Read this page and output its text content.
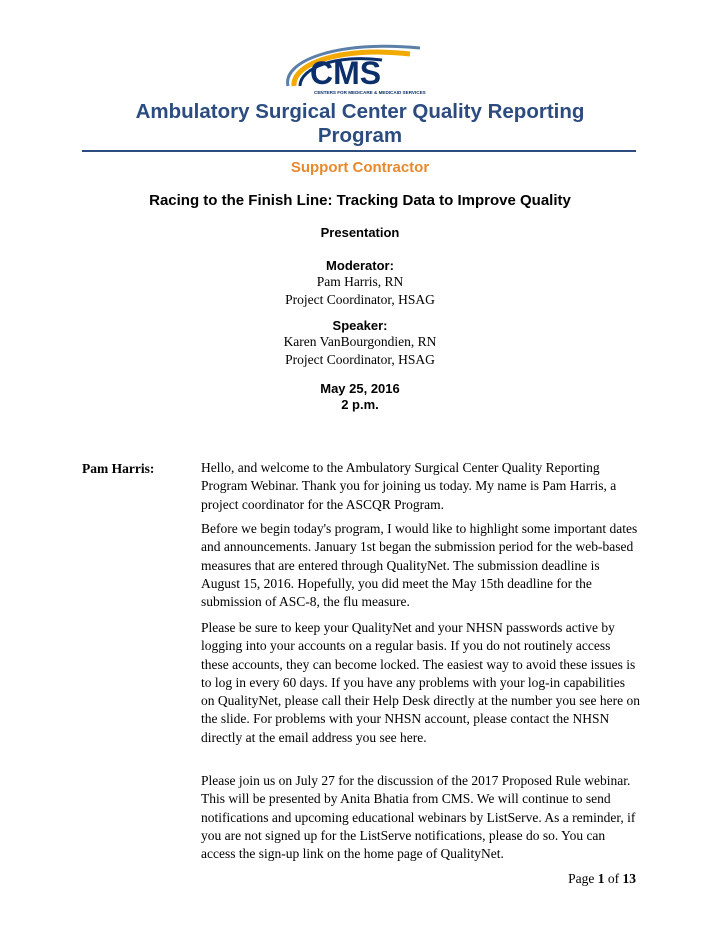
CMS
CENTERS FOR MEDICARE & MEDICAID SERVICES
Ambulatory Surgical Center Quality Reporting
Program
Support Contractor
Racing to the Finish Line: Tracking Data to Improve Quality
Presentation
Moderator:
Pam Harris, RN
Project Coordinator, HSAG
Speaker:
Karen VanBourgondien, RN
Project Coordinator, HSAG
May 25, 2016
2 p.m.
Pam Harris:	Hello, and welcome to the Ambulatory Surgical Center Quality Reporting Program Webinar. Thank you for joining us today. My name is Pam Harris, a project coordinator for the ASCQR Program.

Before we begin today's program, I would like to highlight some important dates and announcements. January 1st began the submission period for the web-based measures that are entered through QualityNet. The submission deadline is August 15, 2016. Hopefully, you did meet the May 15th deadline for the submission of ASC-8, the flu measure.

Please be sure to keep your QualityNet and your NHSN passwords active by logging into your accounts on a regular basis. If you do not routinely access these accounts, they can become locked. The easiest way to avoid these issues is to log in every 60 days. If you have any problems with your log-in capabilities on QualityNet, please call their Help Desk directly at the number you see here on the slide. For problems with your NHSN account, please contact the NHSN directly at the email address you see here.

Please join us on July 27 for the discussion of the 2017 Proposed Rule webinar. This will be presented by Anita Bhatia from CMS. We will continue to send notifications and upcoming educational webinars by ListServe. As a reminder, if you are not signed up for the ListServe notifications, please do so. You can access the sign-up link on the home page of QualityNet.

Page 1 of 13
